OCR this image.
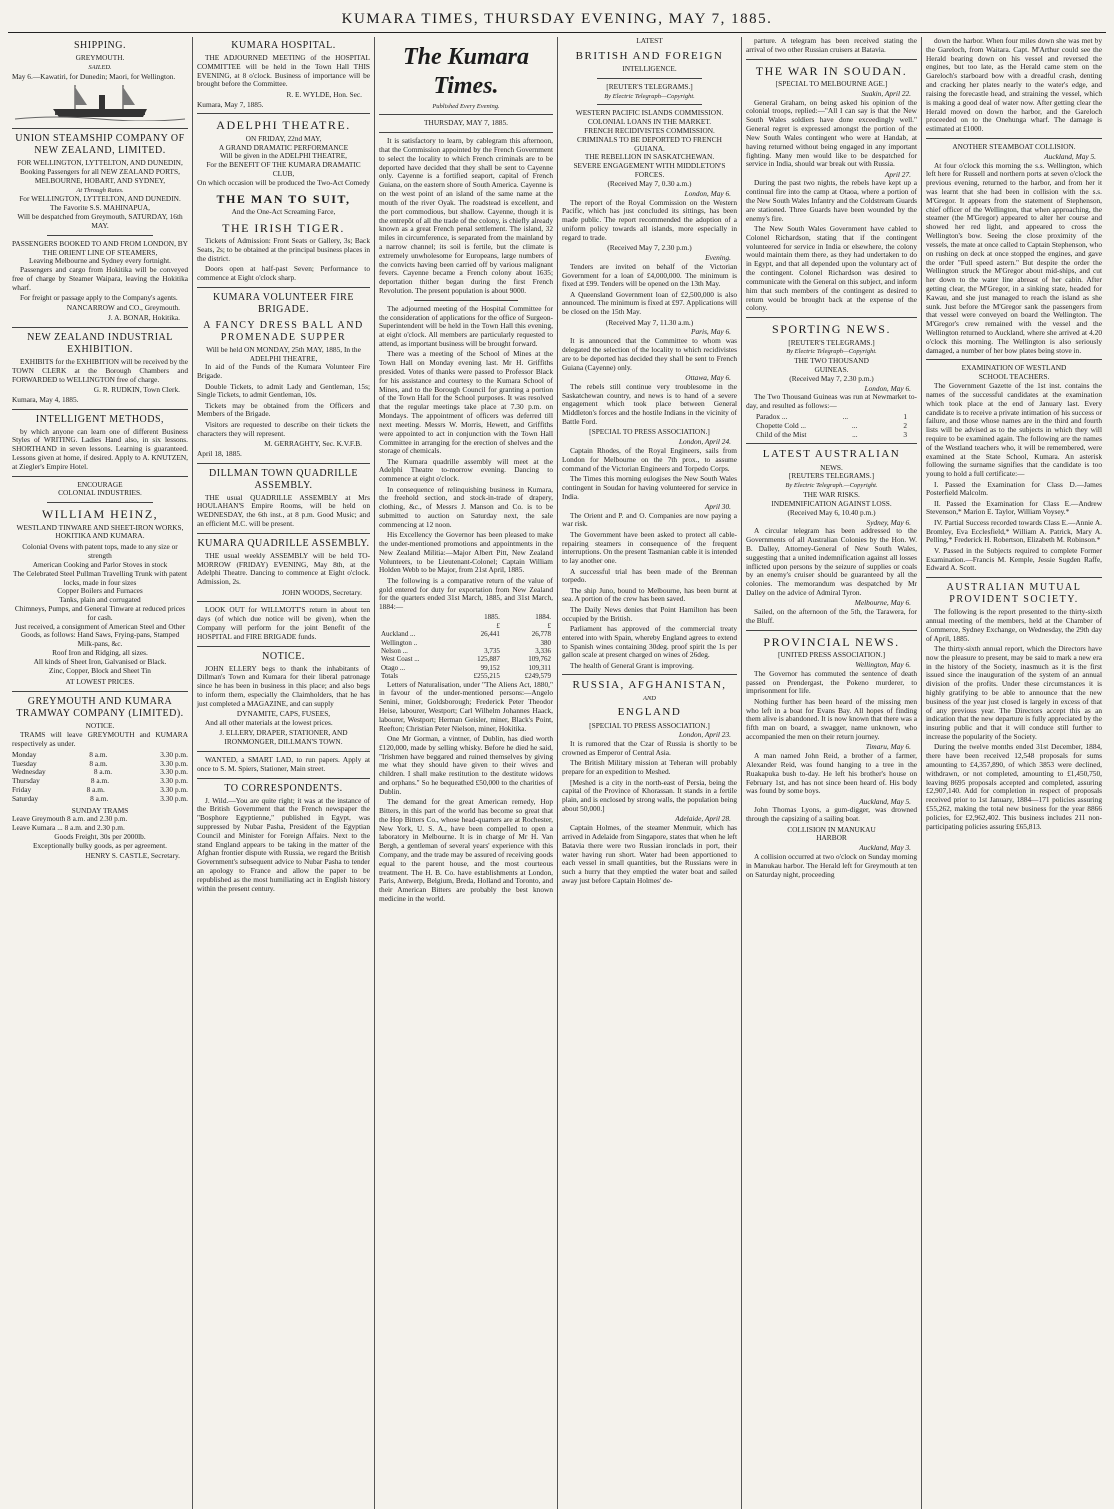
KUMARA TIMES, THURSDAY EVENING, MAY 7, 1885.
SHIPPING.
GREYMOUTH.
SAILED.
May 6.—Kawatiri, for Dunedin; Maori, for Wellington.
UNION STEAMSHIP COMPANY OF NEW ZEALAND, LIMITED.
FOR WELLINGTON, LYTTELTON, AND DUNEDIN,
Booking Passengers for all NEW ZEALAND PORTS, MELBOURNE, HOBART, AND SYDNEY,
At Through Rates.
For WELLINGTON, LYTTELTON, AND DUNEDIN.
The Favorite S.S. MAHINAPUA,
Will be despatched from Greymouth, SATURDAY, 16th MAY.
PASSENGERS BOOKED TO AND FROM LONDON, BY THE ORIENT LINE OF STEAMERS,
Leaving Melbourne and Sydney every fortnight.

Passengers and cargo from Hokitika will be conveyed free of charge by Steamer Waipara, leaving the Hokitika wharf.

For freight or passage apply to the Company's agents.

NANCARROW and CO., Greymouth.
J. A. BONAR, Hokitika.
NEW ZEALAND INDUSTRIAL EXHIBITION.

EXHIBITS for the EXHIBITION will be received by the TOWN CLERK at the Borough Chambers and FORWARDED to WELLINGTON free of charge.

G. R. RUDKIN, Town Clerk.
Kumara, May 4, 1885.
INTELLIGENT METHODS,

by which anyone can learn one of different Business Styles of WRITING. Ladies Hand also, in six lessons. SHORTHAND in seven lessons. Learning is guaranteed. Lessons given at home, if desired. Apply to A. KNUTZEN, at Ziegler's Empire Hotel.

ENCOURAGE
COLONIAL INDUSTRIES.
WILLIAM HEINZ,
WESTLAND TINWARE AND SHEET-IRON WORKS, HOKITIKA AND KUMARA.
Colonial Ovens with patent tops, made to any size or strength
American Cooking and Parlor Stoves in stock
The Celebrated Steel Pullman Travelling Trunk with patent locks, made in four sizes
Copper Boilers and Furnaces
Tanks, plain and corrugated
Chimneys, Pumps, and General Tinware at reduced prices for cash.
Just received, a consignment of American Steel and Other Goods, as follows: Hand Saws, Frying-pans, Stamped Milk-pans, &c.
Roof Iron and Ridging, all sizes.
All kinds of Sheet Iron, Galvanised or Black.
Zinc, Copper, Block and Sheet Tin
AT LOWEST PRICES.
GREYMOUTH AND KUMARA TRAMWAY COMPANY (LIMITED).
NOTICE.

TRAMS will leave GREYMOUTH and KUMARA respectively as under.

Monday	8 a.m.	3.30 p.m.
Tuesday	8 a.m.	3.30 p.m.
Wednesday	8 a.m.	3.30 p.m.
Thursday	8 a.m.	3.30 p.m.
Friday	8 a.m.	3.30 p.m.
Saturday	8 a.m.	3.30 p.m.
SUNDAY TRAMS
Leave Greymouth 8 a.m. and 2.30 p.m.
Leave Kumara ... 8 a.m. and 2.30 p.m.
Goods Freight, 30s per 2000lb.
Exceptionally bulky goods, as per agreement.
HENRY S. CASTLE, Secretary.
KUMARA HOSPITAL.

THE ADJOURNED MEETING of the HOSPITAL COMMITTEE will be held in the Town Hall THIS EVENING, at 8 o'clock. Business of importance will be brought before the Committee.

R. E. WYLDE, Hon. Sec.
Kumara, May 7, 1885.
ADELPHI THEATRE.
ON FRIDAY, 22nd MAY,
A GRAND DRAMATIC PERFORMANCE
Will be given in the ADELPHI THEATRE,
For the BENEFIT OF THE KUMARA DRAMATIC CLUB,
On which occasion will be produced the Two-Act Comedy
THE MAN TO SUIT,
And the One-Act Screaming Farce,
THE IRISH TIGER.

Tickets of Admission: Front Seats or Gallery, 3s; Back Seats, 2s; to be obtained at the principal business places in the district.

Doors open at half-past Seven; Performance to commence at Eight o'clock sharp.

KUMARA VOLUNTEER FIRE BRIGADE.
A FANCY DRESS BALL AND PROMENADE SUPPER
Will be held ON MONDAY, 25th MAY, 1885, In the ADELPHI THEATRE,

In aid of the Funds of the Kumara Volunteer Fire Brigade.

Double Tickets, to admit Lady and Gentleman, 15s; Single Tickets, to admit Gentleman, 10s.

Tickets may be obtained from the Officers and Members of the Brigade.

Visitors are requested to describe on their tickets the characters they will represent.

M. GERRAGHTY, Sec. K.V.F.B.
April 18, 1885.
DILLMAN TOWN QUADRILLE ASSEMBLY.

THE usual QUADRILLE ASSEMBLY at Mrs HOULAHAN'S Empire Rooms, will be held on WEDNESDAY, the 6th inst., at 8 p.m. Good Music; and an efficient M.C. will be present.

KUMARA QUADRILLE ASSEMBLY.

THE usual weekly ASSEMBLY will be held TO-MORROW (FRIDAY) EVENING, May 8th, at the Adelphi Theatre. Dancing to commence at Eight o'clock. Admission, 2s.

JOHN WOODS, Secretary.

LOOK OUT for WILLMOTT'S return in about ten days (of which due notice will be given), when the Company will perform for the joint Benefit of the HOSPITAL and FIRE BRIGADE funds.

NOTICE.

JOHN ELLERY begs to thank the inhabitants of Dillman's Town and Kumara for their liberal patronage since he has been in business in this place; and also begs to inform them, especially the Claimholders, that he has just completed a MAGAZINE, and can supply

DYNAMITE, CAPS, FUSEES,

And all other materials at the lowest prices.

J. ELLERY, DRAPER, STATIONER, AND IRONMONGER, DILLMAN'S TOWN.

WANTED, a SMART LAD, to run papers. Apply at once to S. M. Spiers, Stationer, Main street.

TO CORRESPONDENTS.

J. Wild.—You are quite right; it was at the instance of the British Government that the French newspaper the "Bosphore Egyptienne," published in Egypt, was suppressed by Nubar Pasha, President of the Egyptian Council and Minister for Foreign Affairs. Next to the stand England appears to be taking in the matter of the Afghan frontier dispute with Russia, we regard the British Government's subsequent advice to Nubar Pasha to tender an apology to France and allow the paper to be republished as the most humiliating act in English history within the present century.

The Kumara Times.
Published Every Evening.
THURSDAY, MAY 7, 1885.

It is satisfactory to learn, by cablegram this afternoon, that the Commission appointed by the French Government to select the locality to which French criminals are to be deported have decided that they shall be sent to Cayenne only. Cayenne is a fortified seaport, capital of French Guiana, on the eastern shore of South America. Cayenne is on the west point of an island of the same name at the mouth of the river Oyak. The roadstead is excellent, and the port commodious, but shallow. Cayenne, though it is the entrepôt of all the trade of the colony, is chiefly already known as a great French penal settlement. The island, 32 miles in circumference, is separated from the mainland by a narrow channel; its soil is fertile, but the climate is extremely unwholesome for Europeans, large numbers of the convicts having been carried off by various malignant fevers. Cayenne became a French colony about 1635; deportation thither began during the first French Revolution. The present population is about 9000.

The adjourned meeting of the Hospital Committee for the consideration of applications for the office of Surgeon-Superintendent will be held in the Town Hall this evening, at eight o'clock. All members are particularly requested to attend, as important business will be brought forward.

There was a meeting of the School of Mines at the Town Hall on Monday evening last. Mr H. Griffiths presided. Votes of thanks were passed to Professor Black for his assistance and courtesy to the Kumara School of Mines, and to the Borough Council for granting a portion of the Town Hall for the School purposes. It was resolved that the regular meetings take place at 7.30 p.m. on Mondays. The appointment of officers was deferred till next meeting. Messrs W. Morris, Hewett, and Griffiths were appointed to act in conjunction with the Town Hall Committee in arranging for the erection of shelves and the storage of chemicals.

The Kumara quadrille assembly will meet at the Adelphi Theatre to-morrow evening. Dancing to commence at eight o'clock.

In consequence of relinquishing business in Kumara, the freehold section, and stock-in-trade of drapery, clothing, &c., of Messrs J. Manson and Co. is to be submitted to auction on Saturday next, the sale commencing at 12 noon.

His Excellency the Governor has been pleased to make the under-mentioned promotions and appointments in the New Zealand Militia:—Major Albert Pitt, New Zealand Volunteers, to be Lieutenant-Colonel; Captain William Holden Webb to be Major, from 21st April, 1885.

The following is a comparative return of the value of gold entered for duty for exportation from New Zealand for the quarters ended 31st March, 1885, and 31st March, 1884:—

	1885.	1884.
	£	£
Auckland ...	26,441	26,778
Wellington ..		380
Nelson ...	3,735	3,336
West Coast ...	125,887	109,762
Otago ...	99,152	109,311
Totals	£255,215	£249,579

Letters of Naturalisation, under "The Aliens Act, 1880," in favour of the under-mentioned persons:—Angelo Senini, miner, Goldsborough; Frederick Peter Theodor Heise, labourer, Westport; Carl Wilhelm Johannes Haack, labourer, Westport; Herman Geisler, miner, Black's Point, Reefton; Christian Peter Nielson, miner, Hokitika.

One Mr Gorman, a vintner, of Dublin, has died worth £120,000, made by selling whisky. Before he died he said, "Irishmen have beggared and ruined themselves by giving me what they should have given to their wives and children. I shall make restitution to the destitute widows and orphans." So he bequeathed £50,000 to the charities of Dublin.

The demand for the great American remedy, Hop Bitters, in this part of the world has become so great that the Hop Bitters Co., whose head-quarters are at Rochester, New York, U. S. A., have been compelled to open a laboratory in Melbourne. It is in charge of Mr H. Van Bergh, a gentleman of several years' experience with this Company, and the trade may be assured of receiving goods equal to the parent house, and the most courteous treatment. The H. B. Co. have establishments at London, Paris, Antwerp, Belgium, Breda, Holland and Toronto, and their American Bitters are probably the best known medicine in the world.

LATEST
BRITISH AND FOREIGN
INTELLIGENCE.
[REUTER'S TELEGRAMS.]
By Electric Telegraph—Copyright.
WESTERN PACIFIC ISLANDS COMMISSION.
COLONIAL LOANS IN THE MARKET.
FRENCH RECIDIVISTES COMMISSION.
CRIMINALS TO BE DEPORTED TO FRENCH GUIANA.
THE REBELLION IN SASKATCHEWAN.
SEVERE ENGAGEMENT WITH MIDDLETON'S FORCES.
(Received May 7, 0.30 a.m.)
London, May 6.

The report of the Royal Commission on the Western Pacific, which has just concluded its sittings, has been made public. The report recommended the adoption of a uniform policy towards all islands, more especially in regard to trade.

(Received May 7, 2.30 p.m.)
Evening.

Tenders are invited on behalf of the Victorian Government for a loan of £4,000,000. The minimum is fixed at £99. Tenders will be opened on the 13th May.

A Queensland Government loan of £2,500,000 is also announced. The minimum is fixed at £97. Applications will be closed on the 15th May.

(Received May 7, 11.30 a.m.)
Paris, May 6.

It is announced that the Committee to whom was delegated the selection of the locality to which recidivistes are to be deported has decided they shall be sent to French Guiana (Cayenne) only.

Ottawa, May 6.

The rebels still continue very troublesome in the Saskatchewan country, and news is to hand of a severe engagement which took place between General Middleton's forces and the hostile Indians in the vicinity of Battle Ford.

[SPECIAL TO PRESS ASSOCIATION.]
London, April 24.

Captain Rhodes, of the Royal Engineers, sails from London for Melbourne on the 7th prox., to assume command of the Victorian Engineers and Torpedo Corps.

The Times this morning eulogises the New South Wales contingent in Soudan for having volunteered for service in India.

April 30.

The Orient and P. and O. Companies are now paying a war risk.

The Government have been asked to protect all cable-repairing steamers in consequence of the frequent interruptions. On the present Tasmanian cable it is intended to lay another one.

A successful trial has been made of the Brennan torpedo.

The ship Juno, bound to Melbourne, has been burnt at sea. A portion of the crew has been saved.

The Daily News denies that Point Hamilton has been occupied by the British.

Parliament has approved of the commercial treaty entered into with Spain, whereby England agrees to extend to Spanish wines containing 30deg. proof spirit the 1s per gallon scale at present charged on wines of 26deg.

The health of General Grant is improving.

RUSSIA, AFGHANISTAN,
AND
ENGLAND
[SPECIAL TO PRESS ASSOCIATION.]
London, April 23.

It is rumored that the Czar of Russia is shortly to be crowned as Emperor of Central Asia.

The British Military mission at Teheran will probably prepare for an expedition to Meshed.

[Meshed is a city in the north-east of Persia, being the capital of the Province of Khorassan. It stands in a fertile plain, and is enclosed by strong walls, the population being about 50,000.]

Adelaide, April 28.

Captain Holmes, of the steamer Menmuir, which has arrived in Adelaide from Singapore, states that when he left Batavia there were two Russian ironclads in port, their water having run short. Water had been apportioned to each vessel in small quantities, but the Russians were in such a hurry that they emptied the water boat and sailed away just before Captain Holmes' de-

parture. A telegram has been received stating the arrival of two other Russian cruisers at Batavia.

THE WAR IN SOUDAN.
[SPECIAL TO MELBOURNE AGE.]
Suakin, April 22.

General Graham, on being asked his opinion of the colonial troops, replied:—"All I can say is that the New South Wales soldiers have done exceedingly well." General regret is expressed amongst the portion of the New South Wales contingent who were at Handab, at having returned without being engaged in any important fighting. Many men would like to be despatched for service in India, should war break out with Russia.

April 27.

During the past two nights, the rebels have kept up a continual fire into the camp at Otaoa, where a portion of the New South Wales Infantry and the Coldstream Guards are stationed. Three Guards have been wounded by the enemy's fire.

The New South Wales Government have cabled to Colonel Richardson, stating that if the contingent volunteered for service in India or elsewhere, the colony would maintain them there, as they had undertaken to do in Egypt, and that all depended upon the voluntary act of the contingent. Colonel Richardson was desired to communicate with the General on this subject, and inform him that such members of the contingent as desired to return would be brought back at the expense of the colony.

SPORTING NEWS.
[REUTER'S TELEGRAMS.]
By Electric Telegraph—Copyright.
THE TWO THOUSAND
GUINEAS.
(Received May 7, 2.30 p.m.)
London, May 6.

The Two Thousand Guineas was run at Newmarket to-day, and resulted as follows:—

Paradox ...	...	1
Chopette Cold ...	...	2
Child of the Mist	...	3
LATEST AUSTRALIAN
NEWS.
[REUTERS TELEGRAMS.]
By Electric Telegraph.—Copyright.
THE WAR RISKS.
INDEMNIFICATION AGAINST LOSS.
(Received May 6, 10.40 p.m.)
Sydney, May 6.

A circular telegram has been addressed to the Governments of all Australian Colonies by the Hon. W. B. Dalley, Attorney-General of New South Wales, suggesting that a united indemnification against all losses inflicted upon persons by the seizure of supplies or coals by an enemy's cruiser should be guaranteed by all the colonies. The memorandum was despatched by Mr Dalley on the advice of Admiral Tyron.

Melbourne, May 6.

Sailed, on the afternoon of the 5th, the Tarawera, for the Bluff.

PROVINCIAL NEWS.
[UNITED PRESS ASSOCIATION.]
Wellington, May 6.

The Governor has commuted the sentence of death passed on Prendergast, the Pokeno murderer, to imprisonment for life.

Nothing further has been heard of the missing men who left in a boat for Evans Bay. All hopes of finding them alive is abandoned. It is now known that there was a fifth man on board, a swagger, name unknown, who accompanied the men on their return journey.

Timaru, May 6.

A man named John Reid, a brother of a farmer, Alexander Reid, was found hanging to a tree in the Ruakapuka bush to-day. He left his brother's house on February 1st, and has not since been heard of. His body was found by some boys.

Auckland, May 5.

John Thomas Lyons, a gum-digger, was drowned through the capsizing of a sailing boat.

COLLISION IN MANUKAU
HARBOR
Auckland, May 3.

A collision occurred at two o'clock on Sunday morning in Manukau harbor. The Herald left for Greymouth at ten on Saturday night, proceeding

down the harbor. When four miles down she was met by the Gareloch, from Waitara. Capt. M'Arthur could see the Herald bearing down on his vessel and reversed the engines, but too late, as the Herald came stem on the Gareloch's starboard bow with a dreadful crash, denting and cracking her plates nearly to the water's edge, and raising the forecastle head, and straining the vessel, which is making a good deal of water now. After getting clear the Herald moved on down the harbor, and the Gareloch proceeded on to the Onehunga wharf. The damage is estimated at £1000.

ANOTHER STEAMBOAT COLLISION.
Auckland, May 5.

At four o'clock this morning the s.s. Wellington, which left here for Russell and northern ports at seven o'clock the previous evening, returned to the harbor, and from her it was learnt that she had been in collision with the s.s. M'Gregor. It appears from the statement of Stephenson, chief officer of the Wellington, that when approaching, the steamer (the M'Gregor) appeared to alter her course and showed her red light, and appeared to cross the Wellington's bow. Seeing the close proximity of the vessels, the mate at once called to Captain Stephenson, who on rushing on deck at once stopped the engines, and gave the order "Full speed astern." But despite the order the Wellington struck the M'Gregor about mid-ships, and cut her down to the water line abreast of her cabin. After getting clear, the M'Gregor, in a sinking state, headed for Kawau, and she just managed to reach the island as she sunk. Just before the M'Gregor sank the passengers from that vessel were conveyed on board the Wellington. The M'Gregor's crew remained with the vessel and the Wellington returned to Auckland, where she arrived at 4.20 o'clock this morning. The Wellington is also seriously damaged, a number of her bow plates being stove in.

EXAMINATION OF WESTLAND
SCHOOL TEACHERS.

The Government Gazette of the 1st inst. contains the names of the successful candidates at the examination which took place at the end of January last. Every candidate is to receive a private intimation of his success or failure, and those whose names are in the third and fourth lists will be advised as to the subjects in which they will require to be examined again. The following are the names of the Westland teachers who, it will be remembered, were examined at the State School, Kumara. An asterisk following the surname signifies that the candidate is too young to hold a full certificate:—

I. Passed the Examination for Class D.—James Posterfield Malcolm.

II. Passed the Examination for Class E.—Andrew Stevenson,* Marion E. Taylor, William Voysey.*

IV. Partial Success recorded towards Class E.—Annie A. Bromley, Eva Ecclesfield,* William A. Patrick, Mary A. Pelling,* Frederick H. Robertson, Elizabeth M. Robinson.*

V. Passed in the Subjects required to complete Former Examination.—Francis M. Kemple, Jessie Sugden Raffe, Edward A. Scott.

AUSTRALIAN MUTUAL PROVIDENT SOCIETY.

The following is the report presented to the thirty-sixth annual meeting of the members, held at the Chamber of Commerce, Sydney Exchange, on Wednesday, the 29th day of April, 1885.

The thirty-sixth annual report, which the Directors have now the pleasure to present, may be said to mark a new era in the history of the Society, inasmuch as it is the first issued since the inauguration of the system of an annual division of the profits. Under these circumstances it is highly gratifying to be able to announce that the new business of the year just closed is largely in excess of that of any previous year. The Directors accept this as an indication that the new departure is fully appreciated by the insuring public and that it will conduce still further to increase the popularity of the Society.

During the twelve months ended 31st December, 1884, there have been received 12,548 proposals for sums amounting to £4,357,890, of which 3853 were declined, withdrawn, or not completed, amounting to £1,450,750, leaving 8695 proposals accepted and completed, assuring £2,907,140. Add for completion in respect of proposals received prior to 1st January, 1884—171 policies assuring £55,262, making the total new business for the year 8866 policies, for £2,962,402. This business includes 211 non-participating policies assuring £65,813.
